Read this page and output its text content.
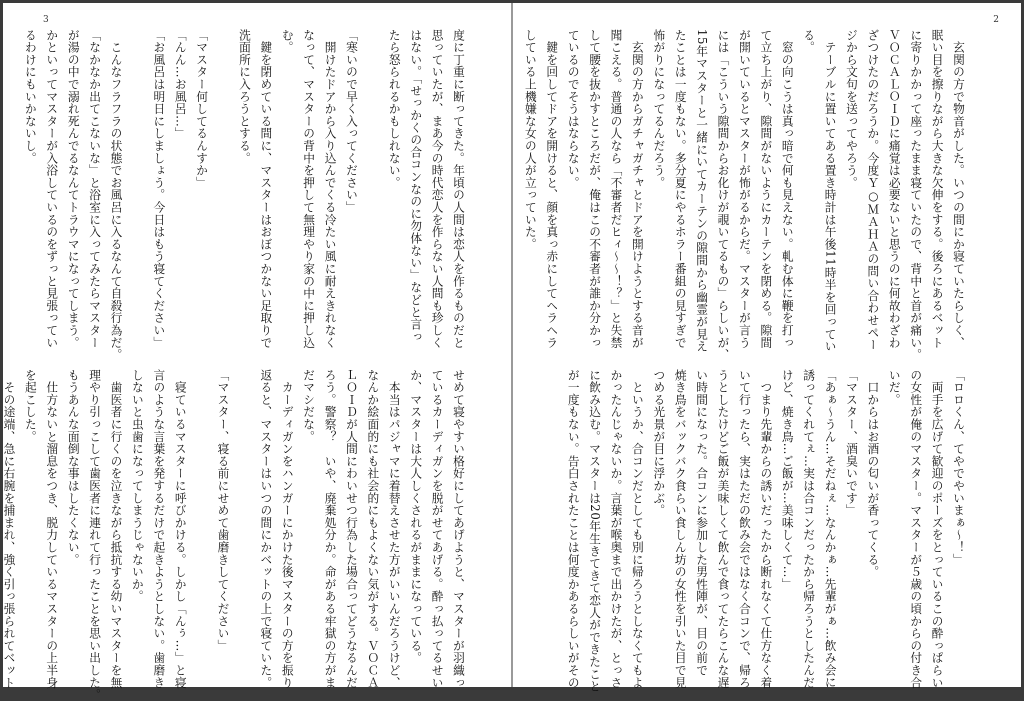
3
度に丁重に断ってきた。年頃の人間は恋人を作るものだと
思っていたが、まあ今の時代恋人を作らない人間も珍しく
はない。「せっかくの合コンなのに勿体ない」などと言っ
たら怒られるかもしれない。

「寒いので早く入ってください」
　開けたドアから入り込んでくる冷たい風に耐えきれなく
なって、マスターの背中を押して無理やり家の中に押し込
む。
　鍵を閉めている間に、マスターはおぼつかない足取りで
洗面所に入ろうとする。

「マスター何してるんすか」
「んん…お風呂…」
「お風呂は明日にしましょう。今日はもう寝てください」

　こんなフラフラの状態でお風呂に入るなんて自殺行為だ。
「なかなか出てこないな」と浴室に入ってみたらマスター
が湯の中で溺れ死んでるなんてトラウマになってしまう。
かといってマスターが入浴しているのをずっと見張ってい
るわけにもいかないし。
せめて寝やすい格好にしてあげようと、マスターが羽織っ
ているカーディガンを脱がせてあげる。酔っ払ってるせい
か、マスターは大人しくされるがままになっている。
　本当はパジャマに着替えさせた方がいいんだろうけど、
なんか絵面的にも社会的にもよくない気がする。ＶＯＣＡ
ＬＯＩＤが人間にわいせつ行為した場合ってどうなるんだ
ろう。警察？　いや、廃棄処分か。命がある牢獄の方がま
だマシだな。
　カーディガンをハンガーにかけた後マスターの方を振り
返ると、マスターはいつの間にかベットの上で寝ていた。

「マスター、寝る前にせめて歯磨きしてください」

　寝ているマスターに呼びかける。しかし「んぅ…」と寝
言のような言葉を発するだけで起きようとしない。歯磨き
しないと虫歯になってしまうじゃないか。
　歯医者に行くのを泣きながら抵抗する幼いマスターを無
理やり引っこして歯医者に連れて行ったことを思い出した。
もうあんな面倒な事はしたくない。
　仕方ないと溜息をつき、脱力しているマスターの上半身
を起こした。
　その途端、急に右腕を捕まれ、強く引っ張られてベット
2
　玄関の方で物音がした。いつの間にか寝ていたらしく、
眠い目を擦りながら大きな欠伸をする。後ろにあるベット
に寄りかかって座ったまま寝ていたので、背中と首が痛い。
ＶＯＣＡＬＯＩＤに痛覚は必要ないと思うのに何故わざわ
ざつけたのだろうか。今度Ｙ○ＭＡＨＡの問い合わせペー
ジから文句を送ってやろう。
　テーブルに置いてある置き時計は午後11時半を回ってい
る。
　窓の向こうは真っ暗で何も見えない。軋む体に鞭を打っ
て立ち上がり、隙間がないようにカーテンを閉める。隙間
が開いているとマスターが怖がるからだ。マスターが言う
には「こういう隙間からお化けが覗いてるもの」らしいが、
15年マスターと一緒にいてカーテンの隙間から幽霊が見え
たことは一度もない。多分夏にやるホラー番組の見すぎで
怖がりになってるんだろう。
　玄関の方からガチャガチャとドアを開けようとする音が
聞こえる。普通の人なら「不審者だヒィ～～！？」と失禁
して腰を抜かすところだが、俺はこの不審者が誰か分かっ
ているのでそうはならない。
　鍵を回してドアを開けると、顔を真っ赤にしてヘラヘラ
している上機嫌な女の人が立っていた。
「ロロくん、てやでやいまぁ～！」
　両手を広げて歓迎のポーズをとっているこの酔っぱらい
の女性が俺のマスター。マスターが５歳の頃からの付き合
いだ。
　口からはお酒の匂いが香ってくる。
「マスター、酒臭いです」
「あぁ～うん…そだねぇ…なんかぁ…先輩がぁ…飲み会に
誘ってくれてぇ…実は合コンだったから帰ろうとしたんだ
けど、焼き鳥…ご飯が…美味しくて…」
　つまり先輩からの誘いだったから断れなくて仕方なく着
いて行ったら、実はただの飲み会ではなく合コンで、帰ろ
うとしたけどご飯が美味しくて飲んで食ってたらこんな遅
い時間になった。合コンに参加した男性陣が、目の前で
焼き鳥をバックバク食らい食しん坊の女性を引いた目で見
つめる光景が目に浮かぶ。
　というか、合コンだとしても別に帰ろうとしなくてもよ
かったんじゃないか。言葉が喉奥まで出かけたが、とっさ
に飲み込む。マスターは20年生きてきて恋人ができたこと
が一度もない。告白されたことは何度かあるらしいがその
